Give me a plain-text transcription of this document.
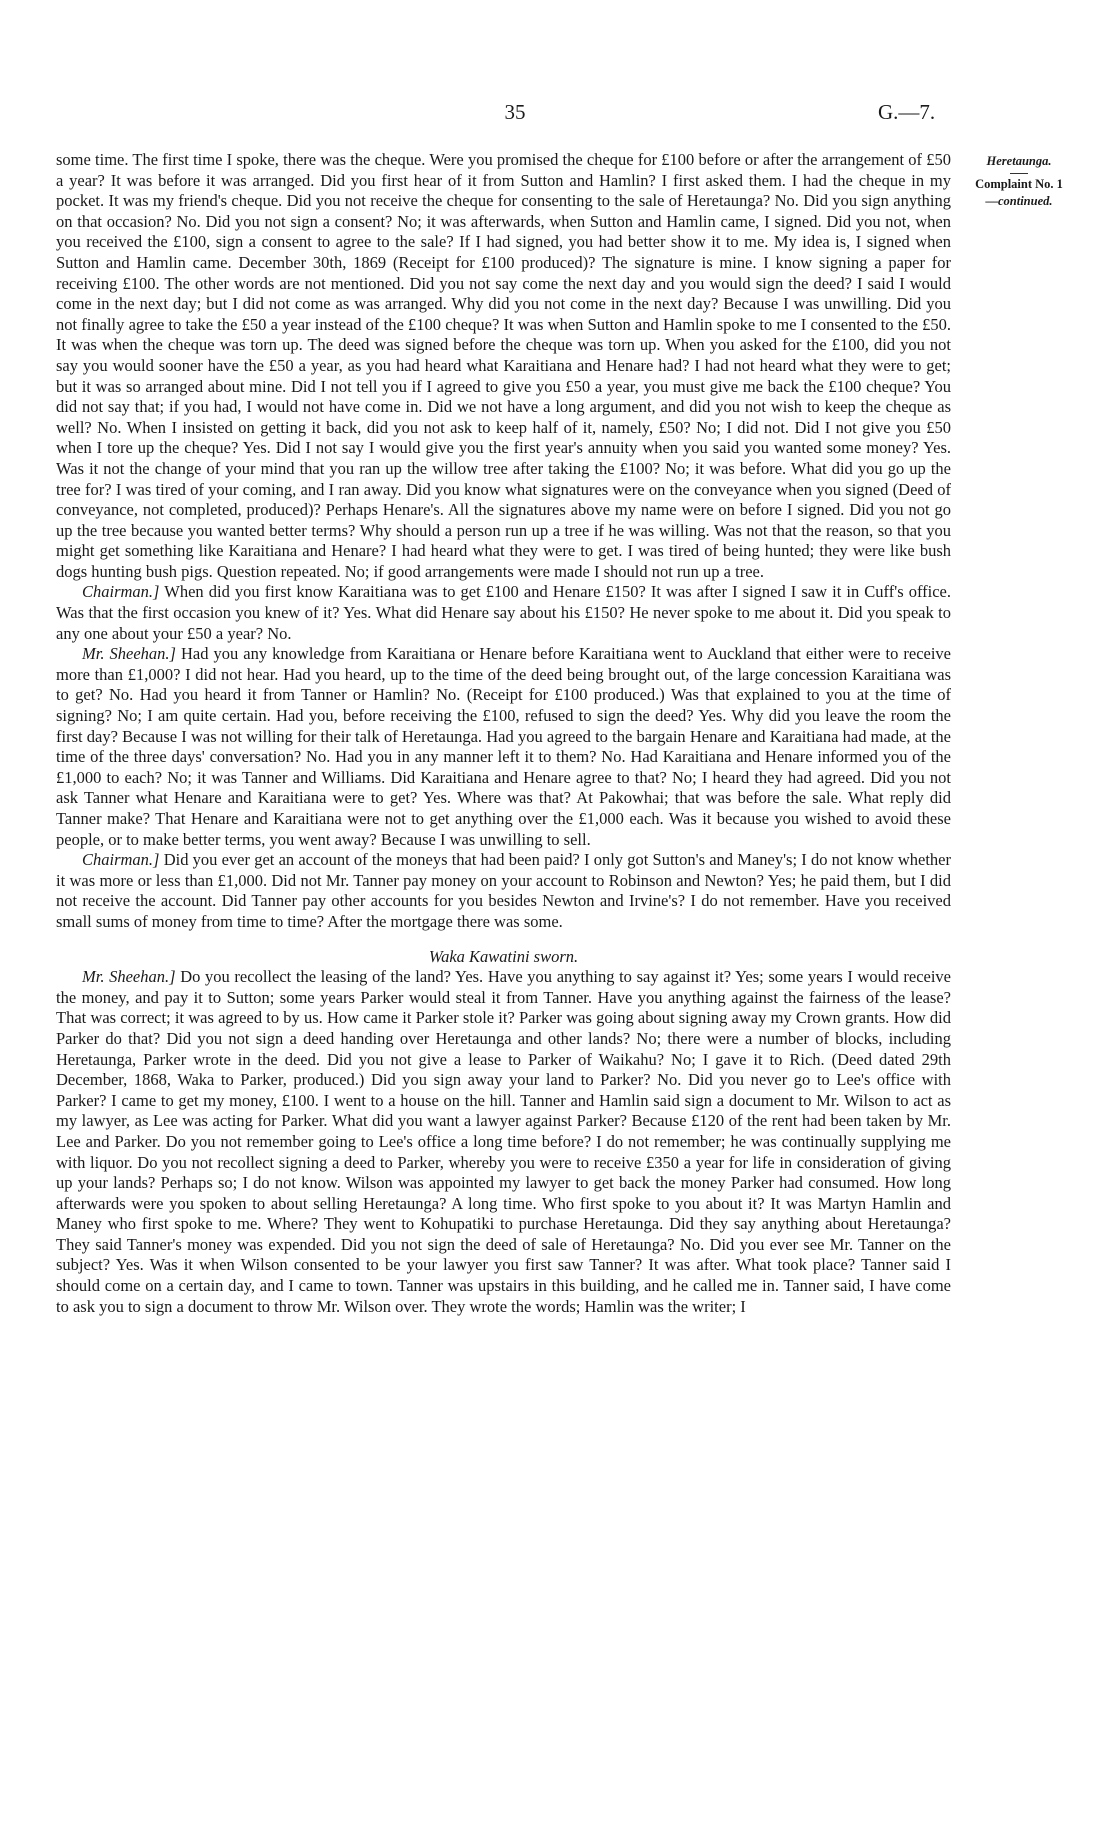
35	G.—7.
Heretaunga.
Complaint No. 1
—continued.

some time. The first time I spoke, there was the cheque. Were you promised the cheque for £100 before or after the arrangement of £50 a year? It was before it was arranged. Did you first hear of it from Sutton and Hamlin? I first asked them. I had the cheque in my pocket. It was my friend's cheque. Did you not receive the cheque for consenting to the sale of Heretaunga? No. Did you sign anything on that occasion? No. Did you not sign a consent? No; it was afterwards, when Sutton and Hamlin came, I signed. Did you not, when you received the £100, sign a consent to agree to the sale? If I had signed, you had better show it to me. My idea is, I signed when Sutton and Hamlin came. December 30th, 1869 (Receipt for £100 produced)? The signature is mine. I know signing a paper for receiving £100. The other words are not mentioned. Did you not say come the next day and you would sign the deed? I said I would come in the next day; but I did not come as was arranged. Why did you not come in the next day? Because I was unwilling. Did you not finally agree to take the £50 a year instead of the £100 cheque? It was when Sutton and Hamlin spoke to me I consented to the £50. It was when the cheque was torn up. The deed was signed before the cheque was torn up. When you asked for the £100, did you not say you would sooner have the £50 a year, as you had heard what Karaitiana and Henare had? I had not heard what they were to get; but it was so arranged about mine. Did I not tell you if I agreed to give you £50 a year, you must give me back the £100 cheque? You did not say that; if you had, I would not have come in. Did we not have a long argument, and did you not wish to keep the cheque as well? No. When I insisted on getting it back, did you not ask to keep half of it, namely, £50? No; I did not. Did I not give you £50 when I tore up the cheque? Yes. Did I not say I would give you the first year's annuity when you said you wanted some money? Yes. Was it not the change of your mind that you ran up the willow tree after taking the £100? No; it was before. What did you go up the tree for? I was tired of your coming, and I ran away. Did you know what signatures were on the conveyance when you signed (Deed of conveyance, not completed, produced)? Perhaps Henare's. All the signatures above my name were on before I signed. Did you not go up the tree because you wanted better terms? Why should a person run up a tree if he was willing. Was not that the reason, so that you might get something like Karaitiana and Henare? I had heard what they were to get. I was tired of being hunted; they were like bush dogs hunting bush pigs. Question repeated. No; if good arrangements were made I should not run up a tree.

Chairman.] When did you first know Karaitiana was to get £100 and Henare £150? It was after I signed I saw it in Cuff's office. Was that the first occasion you knew of it? Yes. What did Henare say about his £150? He never spoke to me about it. Did you speak to any one about your £50 a year? No.

Mr. Sheehan.] Had you any knowledge from Karaitiana or Henare before Karaitiana went to Auckland that either were to receive more than £1,000? I did not hear. Had you heard, up to the time of the deed being brought out, of the large concession Karaitiana was to get? No. Had you heard it from Tanner or Hamlin? No. (Receipt for £100 produced.) Was that explained to you at the time of signing? No; I am quite certain. Had you, before receiving the £100, refused to sign the deed? Yes. Why did you leave the room the first day? Because I was not willing for their talk of Heretaunga. Had you agreed to the bargain Henare and Karaitiana had made, at the time of the three days' conversation? No. Had you in any manner left it to them? No. Had Karaitiana and Henare informed you of the £1,000 to each? No; it was Tanner and Williams. Did Karaitiana and Henare agree to that? No; I heard they had agreed. Did you not ask Tanner what Henare and Karaitiana were to get? Yes. Where was that? At Pakowhai; that was before the sale. What reply did Tanner make? That Henare and Karaitiana were not to get anything over the £1,000 each. Was it because you wished to avoid these people, or to make better terms, you went away? Because I was unwilling to sell.

Chairman.] Did you ever get an account of the moneys that had been paid? I only got Sutton's and Maney's; I do not know whether it was more or less than £1,000. Did not Mr. Tanner pay money on your account to Robinson and Newton? Yes; he paid them, but I did not receive the account. Did Tanner pay other accounts for you besides Newton and Irvine's? I do not remember. Have you received small sums of money from time to time? After the mortgage there was some.

Waka Kawatini sworn.

Mr. Sheehan.] Do you recollect the leasing of the land? Yes. Have you anything to say against it? Yes; some years I would receive the money, and pay it to Sutton; some years Parker would steal it from Tanner. Have you anything against the fairness of the lease? That was correct; it was agreed to by us. How came it Parker stole it? Parker was going about signing away my Crown grants. How did Parker do that? Did you not sign a deed handing over Heretaunga and other lands? No; there were a number of blocks, including Heretaunga, Parker wrote in the deed. Did you not give a lease to Parker of Waikahu? No; I gave it to Rich. (Deed dated 29th December, 1868, Waka to Parker, produced.) Did you sign away your land to Parker? No. Did you never go to Lee's office with Parker? I came to get my money, £100. I went to a house on the hill. Tanner and Hamlin said sign a document to Mr. Wilson to act as my lawyer, as Lee was acting for Parker. What did you want a lawyer against Parker? Because £120 of the rent had been taken by Mr. Lee and Parker. Do you not remember going to Lee's office a long time before? I do not remember; he was continually supplying me with liquor. Do you not recollect signing a deed to Parker, whereby you were to receive £350 a year for life in consideration of giving up your lands? Perhaps so; I do not know. Wilson was appointed my lawyer to get back the money Parker had consumed. How long afterwards were you spoken to about selling Heretaunga? A long time. Who first spoke to you about it? It was Martyn Hamlin and Maney who first spoke to me. Where? They went to Kohupatiki to purchase Heretaunga. Did they say anything about Heretaunga? They said Tanner's money was expended. Did you not sign the deed of sale of Heretaunga? No. Did you ever see Mr. Tanner on the subject? Yes. Was it when Wilson consented to be your lawyer you first saw Tanner? It was after. What took place? Tanner said I should come on a certain day, and I came to town. Tanner was upstairs in this building, and he called me in. Tanner said, I have come to ask you to sign a document to throw Mr. Wilson over. They wrote the words; Hamlin was the writer; I
